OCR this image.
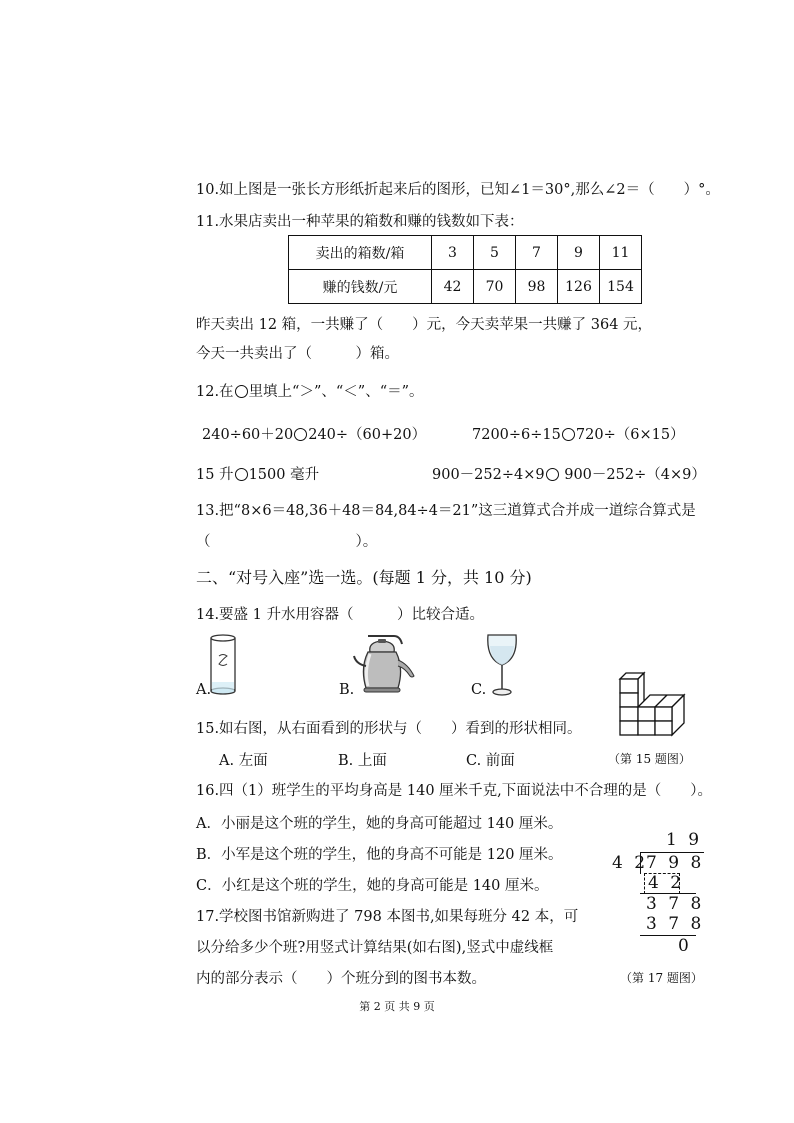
10.如上图是一张长方形纸折起来后的图形，已知∠1＝30°,那么∠2＝（　　）°。
11.水果店卖出一种苹果的箱数和赚的钱数如下表：
卖出的箱数/箱	3	5	7	9	11
赚的钱数/元	42	70	98	126	154
昨天卖出 12 箱，一共赚了（　　）元，今天卖苹果一共赚了 364 元，
今天一共卖出了（　　　）箱。
12.在 里填上“＞”、“＜”、“＝”。
240÷60＋20 240÷（60+20）	7200÷6÷15 720÷（6×15）
15 升 1500 毫升	900－252÷4×9 900－252÷（4×9）
13.把“8×6＝48,36＋48＝84,84÷4＝21”这三道算式合并成一道综合算式是
（　　　　　　　　　　）。
二、“对号入座”选一选。(每题 1 分，共 10 分)
14.要盛 1 升水用容器（　　　）比较合适。
A.	B.	C.
15.如右图，从右面看到的形状与（　　）看到的形状相同。
A. 左面	B. 上面	C. 前面	（第 15 题图）
16.四（1）班学生的平均身高是 140 厘米千克,下面说法中不合理的是（　　）。
A．小丽是这个班的学生，她的身高可能超过 140 厘米。
B．小军是这个班的学生，他的身高不可能是 120 厘米。
C．小红是这个班的学生，她的身高可能是 140 厘米。
1 9
4 2
7 9 8
4 2
3 7 8
3 7 8
0
17.学校图书馆新购进了 798 本图书,如果每班分 42 本，可
以分给多少个班?用竖式计算结果(如右图),竖式中虚线框
内的部分表示（　　）个班分到的图书本数。	（第 17 题图）
第 2 页 共 9 页
